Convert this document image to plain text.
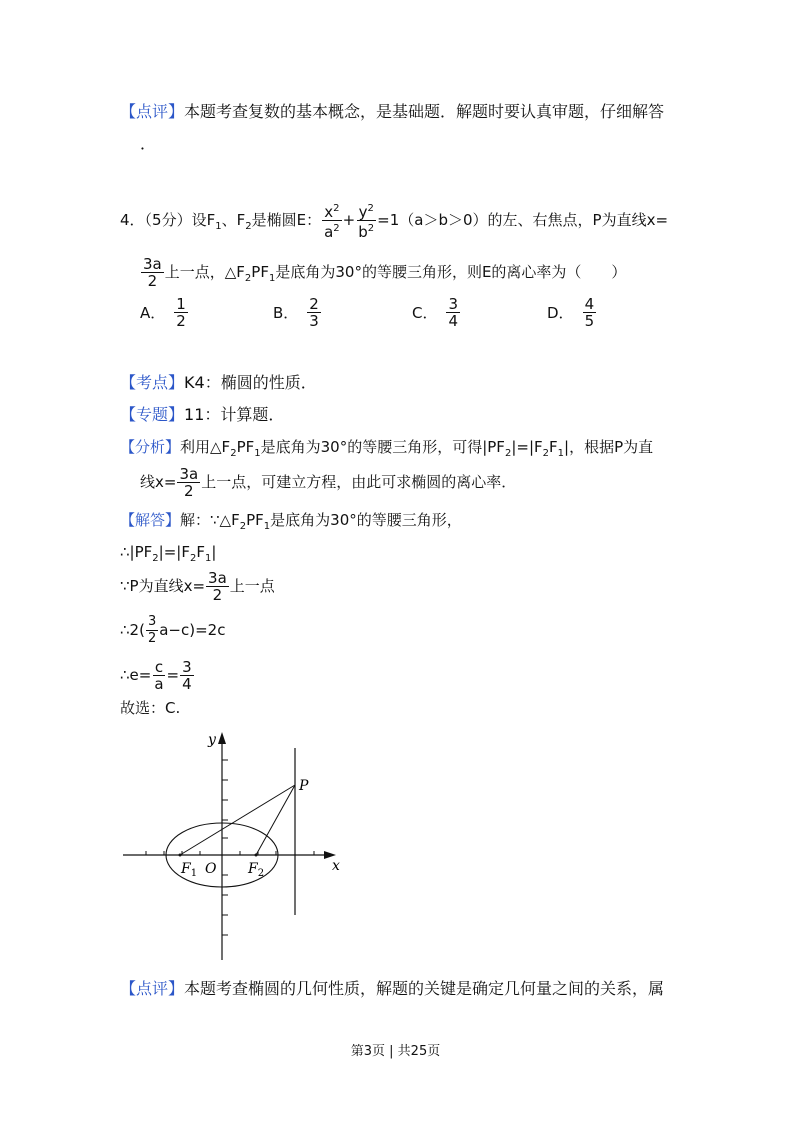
【点评】本题考查复数的基本概念，是基础题．解题时要认真审题，仔细解答
．
4．（5分）设$F_1$、$F_2$是椭圆E： $\frac{x^2}{a^2} + \frac{y^2}{b^2} =1(a>b>0)$的左、右焦点，P为直线x=
$\frac{3a}{2}$ 上一点，$\triangle F_2PF_1$是底角为30°的等腰三角形，则E的离心率为（　　）
A． $\frac{1}{2}$	B． $\frac{2}{3}$	C． $\frac{3}{4}$	D． $\frac{4}{5}$
【考点】K4：椭圆的性质．
【专题】11：计算题．
【分析】利用$\triangle F_2PF_1$是底角为30°的等腰三角形，可得$|PF_2|=|F_2F_1|$，根据P为直
线$x= \frac{3a}{2}$ 上一点，可建立方程，由此可求椭圆的离心率．
【解答】解：$\because\triangle F_2PF_1$是底角为30°的等腰三角形，
$\therefore|PF_2|=|F_2F_1|$
∵P为直线$x= \frac{3a}{2}$ 上一点
∴2( $\frac{3}{2} a-c)=2c$
∴e= $\frac{c}{a} = \frac{3}{4}$
故选：C.
y
x
O
P
$F_1$	$F_2$
【点评】本题考查椭圆的几何性质，解题的关键是确定几何量之间的关系，属
第3页 | 共25页
